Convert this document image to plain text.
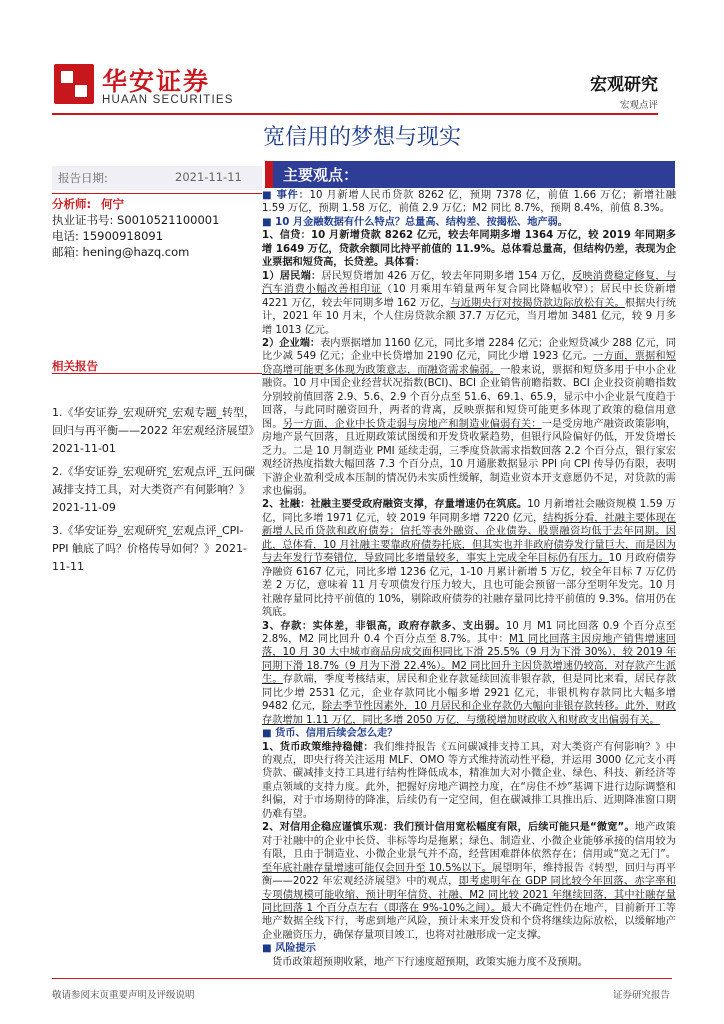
华安证券
HUAAN SECURITIES
宏观研究
宏观点评
宽信用的梦想与现实
报告日期:	2021-11-11
分析师: 何宁
执业证书号: S0010521100001
电话: 15900918091
邮箱: hening@hazq.com
相关报告
1.《华安证券_宏观研究_宏观专题_转型，回归与再平衡——2022 年宏观经济展望》2021-11-01
2.《华安证券_宏观研究_宏观点评_五问碳减排支持工具，对大类资产有何影响？》2021-11-09
3.《华安证券_宏观研究_宏观点评_CPI-PPI 触底了吗？价格传导如何？》2021-11-11
主要观点：

■ 事件：10 月新增人民币贷款 8262 亿，预期 7378 亿，前值 1.66 万亿；新增社融 1.59 万亿，预期 1.58 万亿，前值 2.9 万亿；M2 同比 8.7%，预期 8.4%，前值 8.3%。

■ 10 月金融数据有什么特点？总量高、结构差、按揭松、地产弱。

1、信贷：10 月新增贷款 8262 亿元，较去年同期多增 1364 万亿，较 2019 年同期多增 1649 万亿，贷款余额同比持平前值的 11.9%。总体看总量高，但结构仍差，表现为企业票据和短贷高，长贷差。具体看：

1）居民端：居民短贷增加 426 万亿，较去年同期多增 154 万亿，反映消费稳定修复，与汽车消费小幅改善相印证（10 月乘用车销量两年复合同比降幅收窄）；居民中长贷新增 4221 万亿，较去年同期多增 162 万亿，与近期央行对按揭贷款边际放松有关。根据央行统计，2021 年 10 月末，个人住房贷款余额 37.7 万亿元，当月增加 3481 亿元，较 9 月多增 1013 亿元。

2）企业端：表内票据增加 1160 亿元，同比多增 2284 亿元；企业短贷减少 288 亿元，同比少减 549 亿元；企业中长贷增加 2190 亿元，同比少增 1923 亿元。一方面，票据和短贷高增可能更多体现为政策意志，而融资需求偏弱。一般来说，票据和短贷多用于中小企业融资。10 月中国企业经营状况指数(BCI)、BCI 企业销售前瞻指数、BCI 企业投资前瞻指数分别较前值回落 2.9、5.6、2.9 个百分点至 51.6、69.1、65.9，显示中小企业景气度趋于回落，与此同时融资回升，两者的背离，反映票据和短贷可能更多体现了政策的稳信用意图。另一方面，企业中长贷走弱与房地产和制造业偏弱有关：一是受房地产融资政策影响，房地产景气回落，且近期政策试图缓和开发贷收紧趋势，但银行风险偏好仍低，开发贷增长乏力。二是 10 月制造业 PMI 延续走弱，三季度贷款需求指数回落 2.2 个百分点，银行家宏观经济热度指数大幅回落 7.3 个百分点，10 月通胀数据显示 PPI 向 CPI 传导仍有限，表明下游企业盈利受成本压制的情况仍未实质性缓解，制造业资本开支意愿仍不足，对贷款的需求也偏弱。

2、社融：社融主要受政府融资支撑，存量增速仍在筑底。10 月新增社会融资规模 1.59 万亿，同比多增 1971 亿元，较 2019 年同期多增 7220 亿元，结构拆分看，社融主要体现在新增人民币贷款和政府债券；信托等表外融资、企业债券、股票融资均低于去年同期。因此，总体看，10 月社融主要靠政府债券托底，但其实也并非政府债券发行量巨大，而是因为与去年发行节奏错位，导致同比多增量较多，事实上完成全年目标仍有压力。10 月政府债券净融资 6167 亿元，同比多增 1236 亿元，1-10 月累计新增 5 万亿，较全年目标 7 万亿仍差 2 万亿，意味着 11 月专项债发行压力较大，且也可能会预留一部分至明年发完。10 月社融存量同比持平前值的 10%，剔除政府债券的社融存量同比持平前值的 9.3%。信用仍在筑底。

3、存款：实体差，非银高，政府存款多、支出弱。10 月 M1 同比回落 0.9 个百分点至 2.8%，M2 同比回升 0.4 个百分点至 8.7%。其中：M1 同比回落主因房地产销售增速回落，10 月 30 大中城市商品房成交面积同比下滑 25.5%（9 月为下滑 30%），较 2019 年同期下滑 18.7%（9 月为下滑 22.4%）。M2 同比回升主因贷款增速仍较高，对存款产生派生。存款端，季度考核结束，居民和企业存款延续回流非银存款，但是同比来看，居民存款同比少增 2531 亿元，企业存款同比小幅多增 2921 亿元，非银机构存款同比大幅多增 9482 亿元，除去季节性因素外，10 月居民和企业存款仍大幅向非银存款转移。此外，财政存款增加 1.11 万亿，同比多增 2050 万亿，与缴税增加财政收入和财政支出偏弱有关。

■ 货币、信用后续会怎么走？

1、货币政策维持稳健：我们维持报告《五问碳减排支持工具，对大类资产有何影响？》中的观点，即央行将关注运用 MLF、OMO 等方式维持流动性平稳，并运用 3000 亿元支小再贷款、碳减排支持工具进行结构性降低成本，精准加大对小微企业、绿色、科技、新经济等重点领域的支持力度。此外，把握好房地产调控力度，在“房住不炒”基调下进行边际调整和纠偏，对于市场期待的降准，后续仍有一定空间，但在碳减排工具推出后、近期降准窗口期仍难有望。

2、对信用企稳应谨慎乐观：我们预计信用宽松幅度有限，后续可能只是“微宽”。地产政策对于社融中的企业中长贷、非标等均是拖累；绿色、制造业、小微企业能够承接的信用较为有限，且由于制造业、小微企业景气并不高，经营困难群体依然存在；信用或“宽之无门”。至年底社融存量增速可能仅会回升至 10.5%以下。展望明年，维持报告《转型，回归与再平衡——2022 年宏观经济展望》中的观点，即考虑明年在 GDP 同比较今年回落、赤字率和专项债规模可能收缩、预计明年信贷、社融、M2 同比较 2021 年继续回落，其中社融存量同比回落 1 个百分点左右（即落在 9%-10%之间）。最大不确定性仍在地产，目前新开工等地产数据全线下行，考虑到地产风险，预计未来开发贷和个贷将继续边际放松，以缓解地产企业融资压力，确保存量项目竣工，也将对社融形成一定支撑。

■ 风险提示

货币政策超预期收紧，地产下行速度超预期，政策实施力度不及预期。

敬请参阅末页重要声明及评级说明	证券研究报告
